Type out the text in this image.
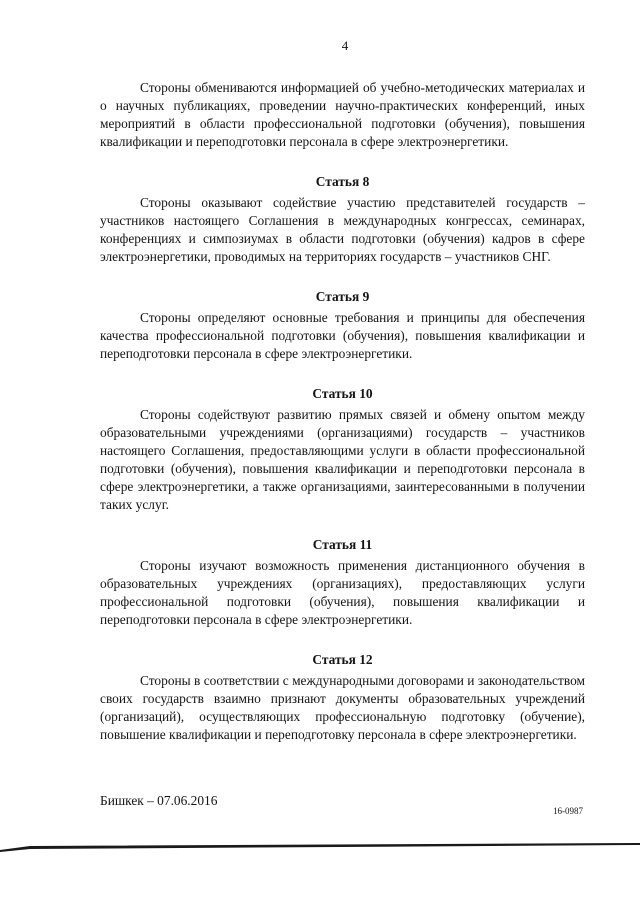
4

Стороны обмениваются информацией об учебно-методических материалах и о научных публикациях, проведении научно-практических конференций, иных мероприятий в области профессиональной подготовки (обучения), повышения квалификации и переподготовки персонала в сфере электроэнергетики.

Статья 8

Стороны оказывают содействие участию представителей государств – участников настоящего Соглашения в международных конгрессах, семинарах, конференциях и симпозиумах в области подготовки (обучения) кадров в сфере электроэнергетики, проводимых на территориях государств – участников СНГ.

Статья 9

Стороны определяют основные требования и принципы для обеспечения качества профессиональной подготовки (обучения), повышения квалификации и переподготовки персонала в сфере электроэнергетики.

Статья 10

Стороны содействуют развитию прямых связей и обмену опытом между образовательными учреждениями (организациями) государств – участников настоящего Соглашения, предоставляющими услуги в области профессиональной подготовки (обучения), повышения квалификации и переподготовки персонала в сфере электроэнергетики, а также организациями, заинтересованными в получении таких услуг.

Статья 11

Стороны изучают возможность применения дистанционного обучения в образовательных учреждениях (организациях), предоставляющих услуги профессиональной подготовки (обучения), повышения квалификации и переподготовки персонала в сфере электроэнергетики.

Статья 12

Стороны в соответствии с международными договорами и законодательством своих государств взаимно признают документы образовательных учреждений (организаций), осуществляющих профессиональную подготовку (обучение), повышение квалификации и переподготовку персонала в сфере электроэнергетики.

Бишкек – 07.06.2016
16-0987
